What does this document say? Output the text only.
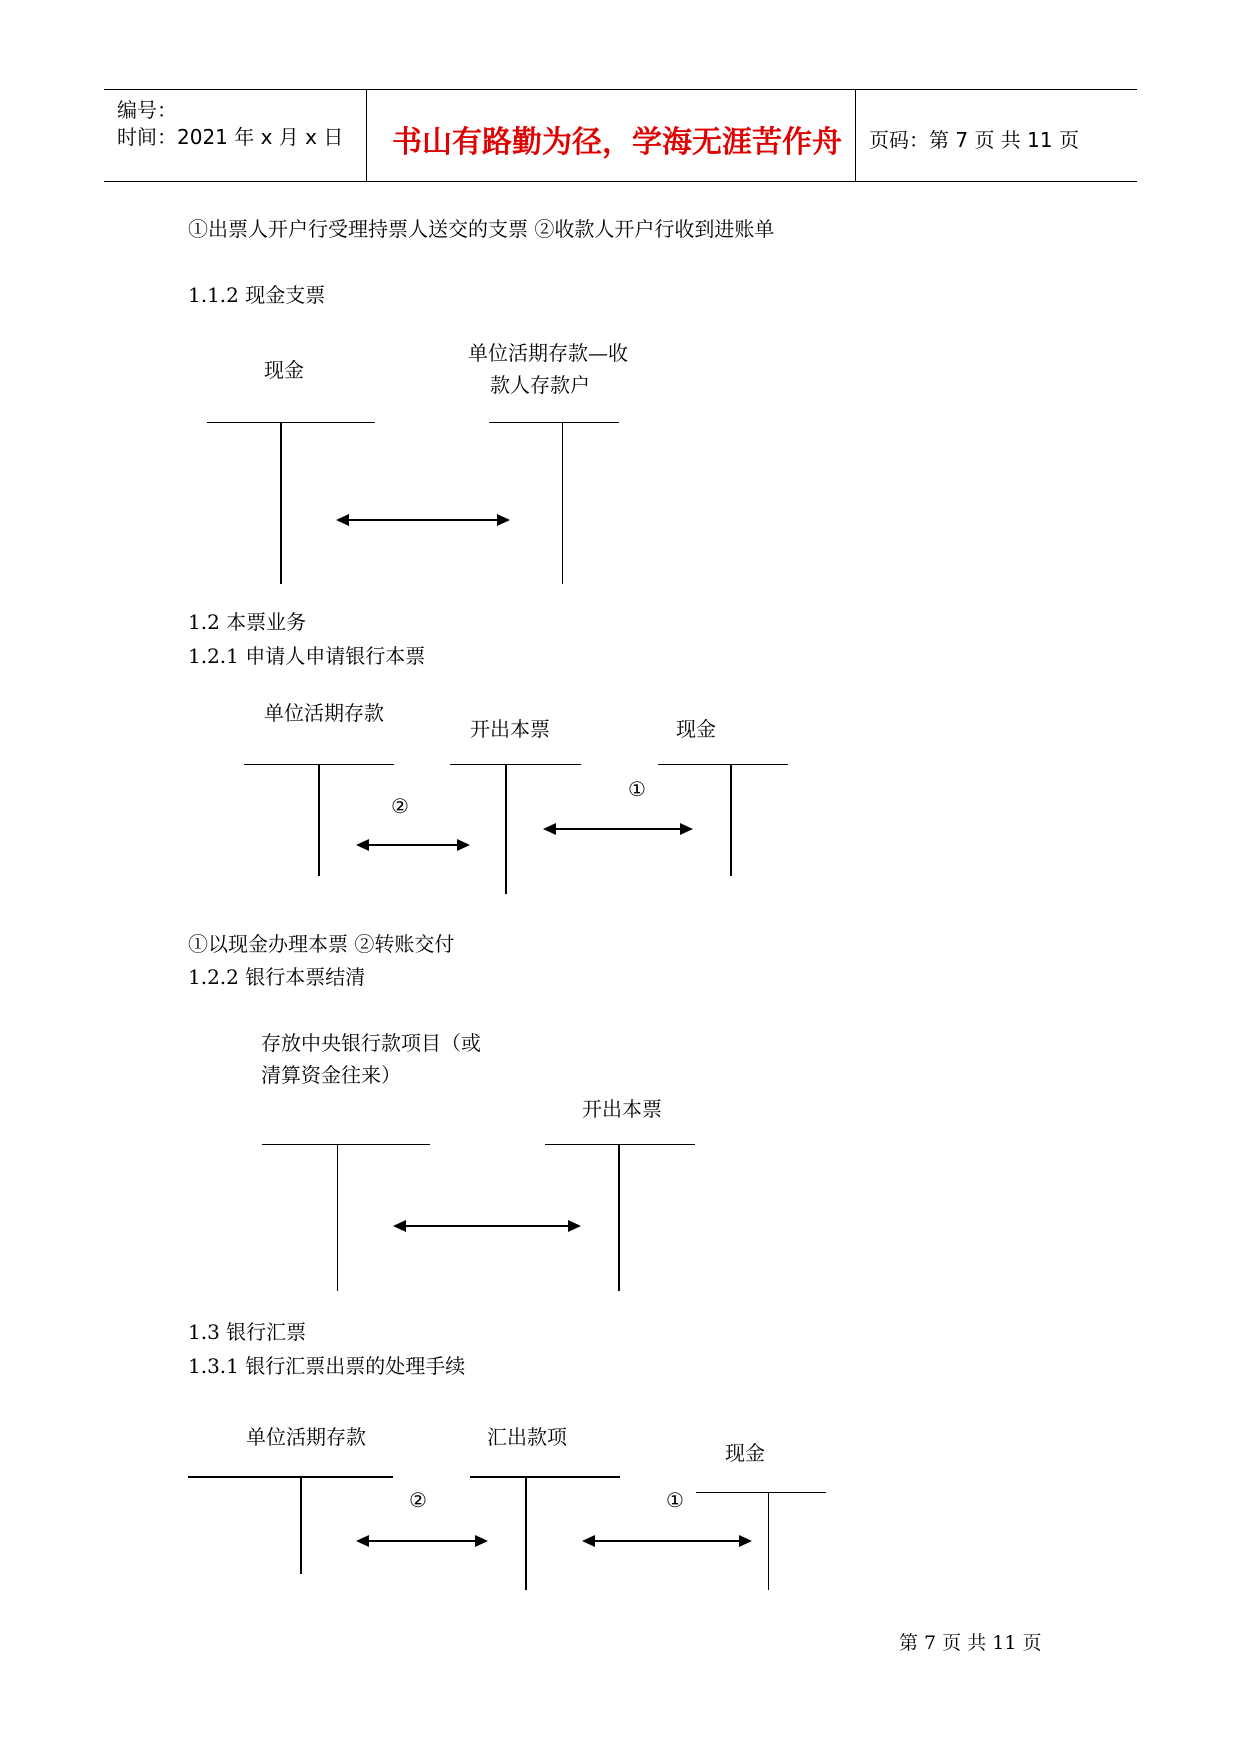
编号：
时间：2021 年 x 月 x 日 书山有路勤为径，学海无涯苦作舟 页码：第 7 页 共 11 页
①出票人开户行受理持票人送交的支票 ②收款人开户行收到进账单
1.1.2 现金支票
现金
单位活期存款—收
款人存款户
1.2 本票业务
1.2.1 申请人申请银行本票
单位活期存款
开出本票	现金
②
①
①以现金办理本票 ②转账交付
1.2.2 银行本票结清
存放中央银行款项目（或
清算资金往来）
开出本票
1.3 银行汇票
1.3.1 银行汇票出票的处理手续
单位活期存款	汇出款项
现金
②	①
第 7 页 共 11 页
